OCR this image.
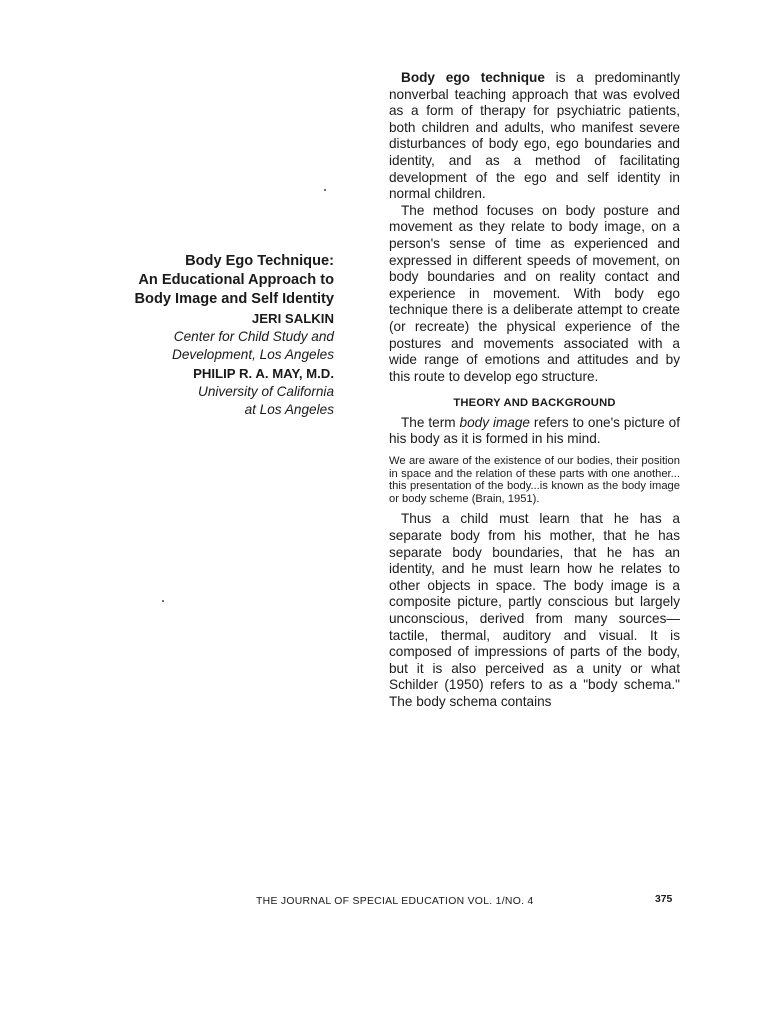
Body Ego Technique:
An Educational Approach to
Body Image and Self Identity
JERI SALKIN
Center for Child Study and
Development, Los Angeles
PHILIP R. A. MAY, M.D.
University of California
at Los Angeles

Body ego technique is a predominantly nonverbal teaching approach that was evolved as a form of therapy for psychiatric patients, both children and adults, who manifest severe disturbances of body ego, ego boundaries and identity, and as a method of facilitating development of the ego and self identity in normal children.

The method focuses on body posture and movement as they relate to body image, on a person's sense of time as experienced and expressed in different speeds of movement, on body boundaries and on reality contact and experience in movement. With body ego technique there is a deliberate attempt to create (or recreate) the physical experience of the postures and movements associated with a wide range of emotions and attitudes and by this route to develop ego structure.

THEORY AND BACKGROUND

The term body image refers to one's picture of his body as it is formed in his mind.

We are aware of the existence of our bodies, their position in space and the relation of these parts with one another... this presentation of the body...is known as the body image or body scheme (Brain, 1951).

Thus a child must learn that he has a separate body from his mother, that he has separate body boundaries, that he has an identity, and he must learn how he relates to other objects in space. The body image is a composite picture, partly conscious but largely unconscious, derived from many sources—tactile, thermal, auditory and visual. It is composed of impressions of parts of the body, but it is also perceived as a unity or what Schilder (1950) refers to as a "body schema." The body schema contains

THE JOURNAL OF SPECIAL EDUCATION VOL. 1/NO. 4	375
